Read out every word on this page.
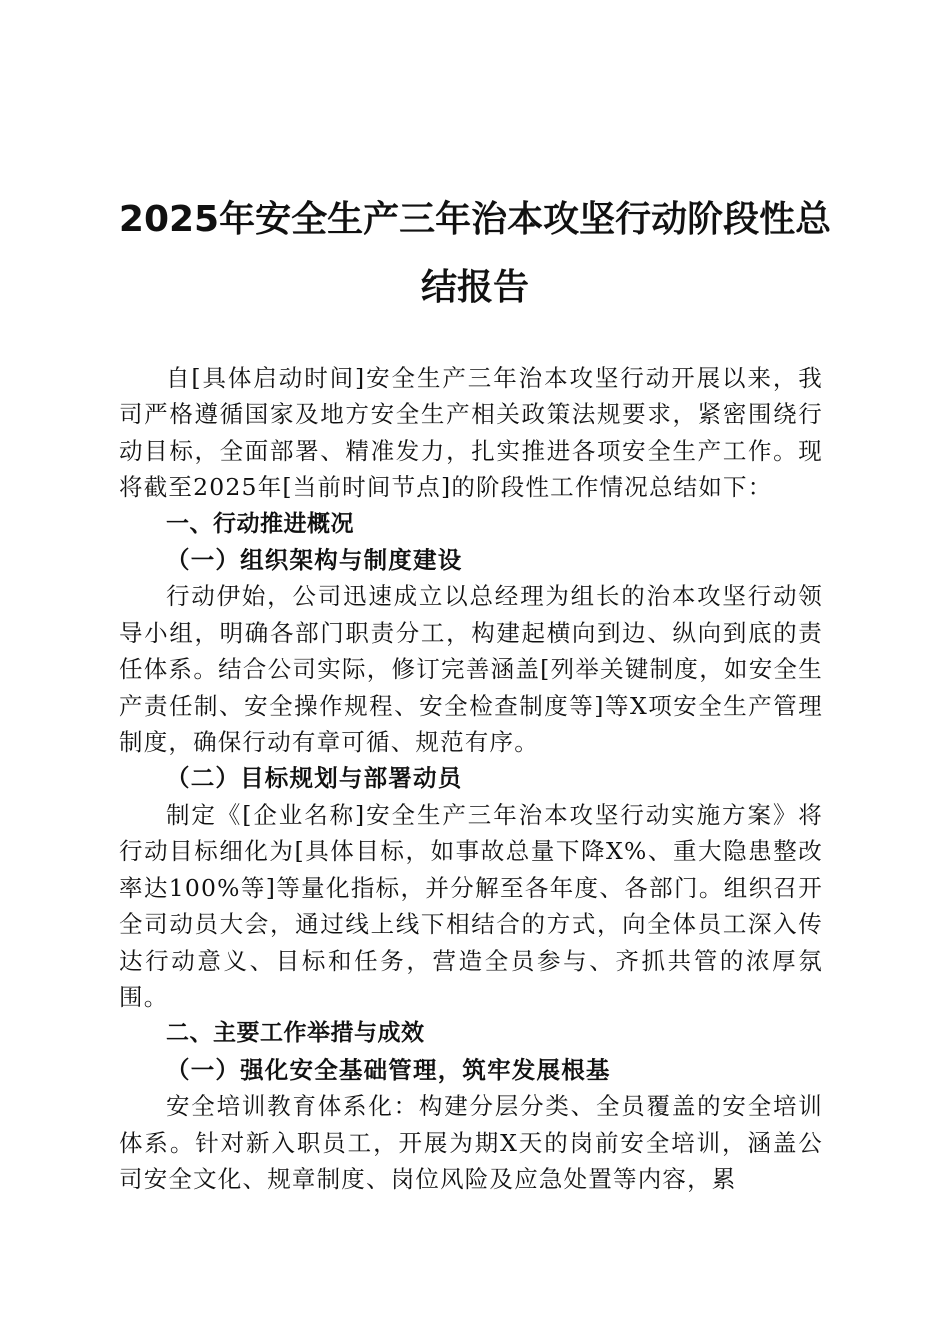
2025年安全生产三年治本攻坚行动阶段性总
结报告

自[具体启动时间]安全生产三年治本攻坚行动开展以来，我司严格遵循国家及地方安全生产相关政策法规要求，紧密围绕行动目标，全面部署、精准发力，扎实推进各项安全生产工作。现将截至2025年[当前时间节点]的阶段性工作情况总结如下：

一、行动推进概况
（一）组织架构与制度建设

行动伊始，公司迅速成立以总经理为组长的治本攻坚行动领导小组，明确各部门职责分工，构建起横向到边、纵向到底的责任体系。结合公司实际，修订完善涵盖[列举关键制度，如安全生产责任制、安全操作规程、安全检查制度等]等X项安全生产管理制度，确保行动有章可循、规范有序。

（二）目标规划与部署动员

制定《[企业名称]安全生产三年治本攻坚行动实施方案》将行动目标细化为[具体目标，如事故总量下降X%、重大隐患整改率达100%等]等量化指标，并分解至各年度、各部门。组织召开全司动员大会，通过线上线下相结合的方式，向全体员工深入传达行动意义、目标和任务，营造全员参与、齐抓共管的浓厚氛围。

二、主要工作举措与成效
（一）强化安全基础管理，筑牢发展根基

安全培训教育体系化：构建分层分类、全员覆盖的安全培训体系。针对新入职员工，开展为期X天的岗前安全培训，涵盖公司安全文化、规章制度、岗位风险及应急处置等内容，累
